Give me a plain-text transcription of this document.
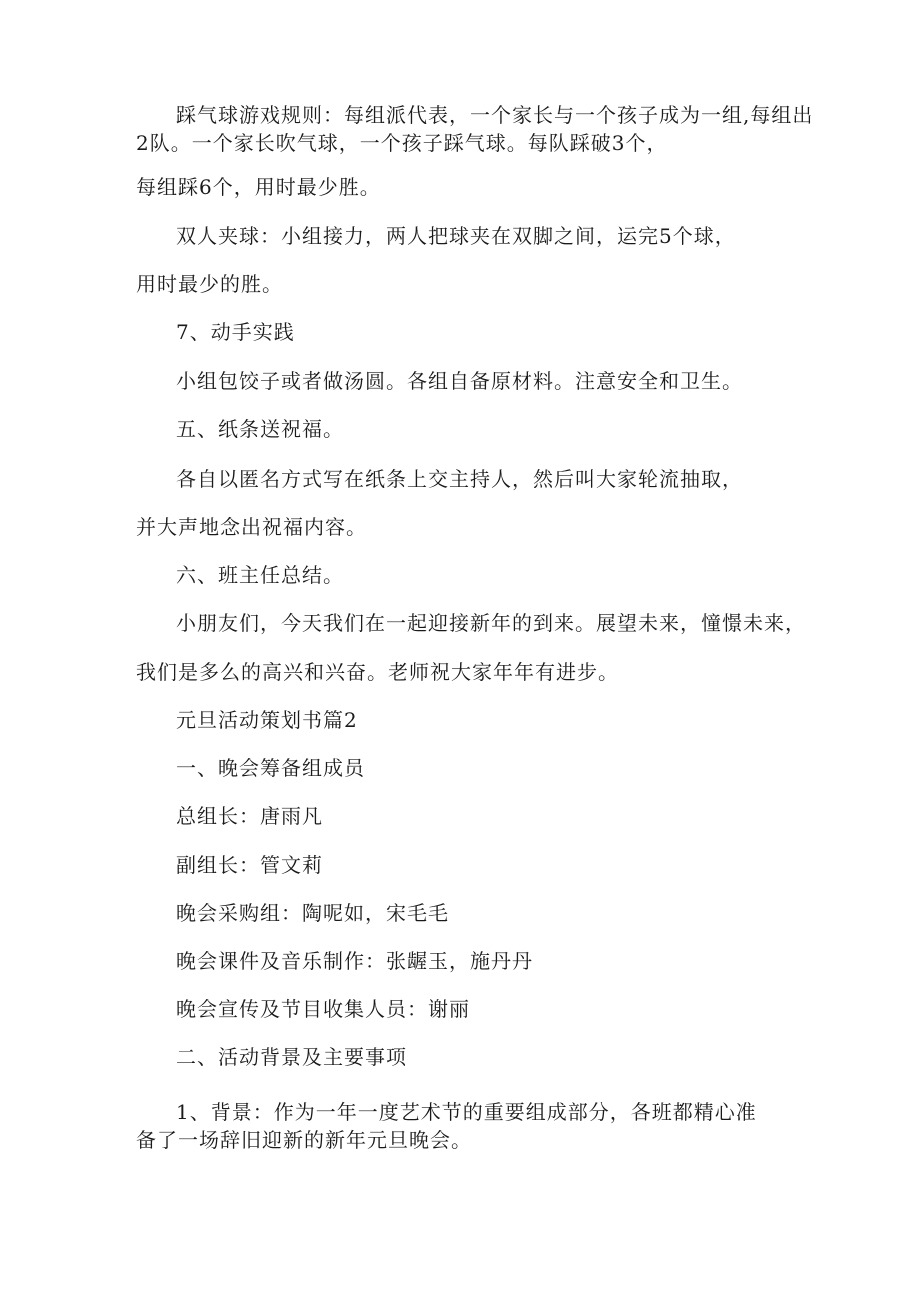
踩气球游戏规则：每组派代表，一个家长与一个孩子成为一组,每组出

2队。一个家长吹气球，一个孩子踩气球。每队踩破3个，

每组踩6个，用时最少胜。

双人夹球：小组接力，两人把球夹在双脚之间，运完5个球，

用时最少的胜。

7、动手实践

小组包饺子或者做汤圆。各组自备原材料。注意安全和卫生。

五、纸条送祝福。

各自以匿名方式写在纸条上交主持人，然后叫大家轮流抽取，

并大声地念出祝福内容。

六、班主任总结。

小朋友们，今天我们在一起迎接新年的到来。展望未来，憧憬未来，

我们是多么的高兴和兴奋。老师祝大家年年有进步。

元旦活动策划书篇2

一、晚会筹备组成员

总组长：唐雨凡

副组长：管文莉

晚会采购组：陶呢如，宋毛毛

晚会课件及音乐制作：张龌玉，施丹丹

晚会宣传及节目收集人员：谢丽

二、活动背景及主要事项

1、背景：作为一年一度艺术节的重要组成部分，各班都精心准

备了一场辞旧迎新的新年元旦晚会。
